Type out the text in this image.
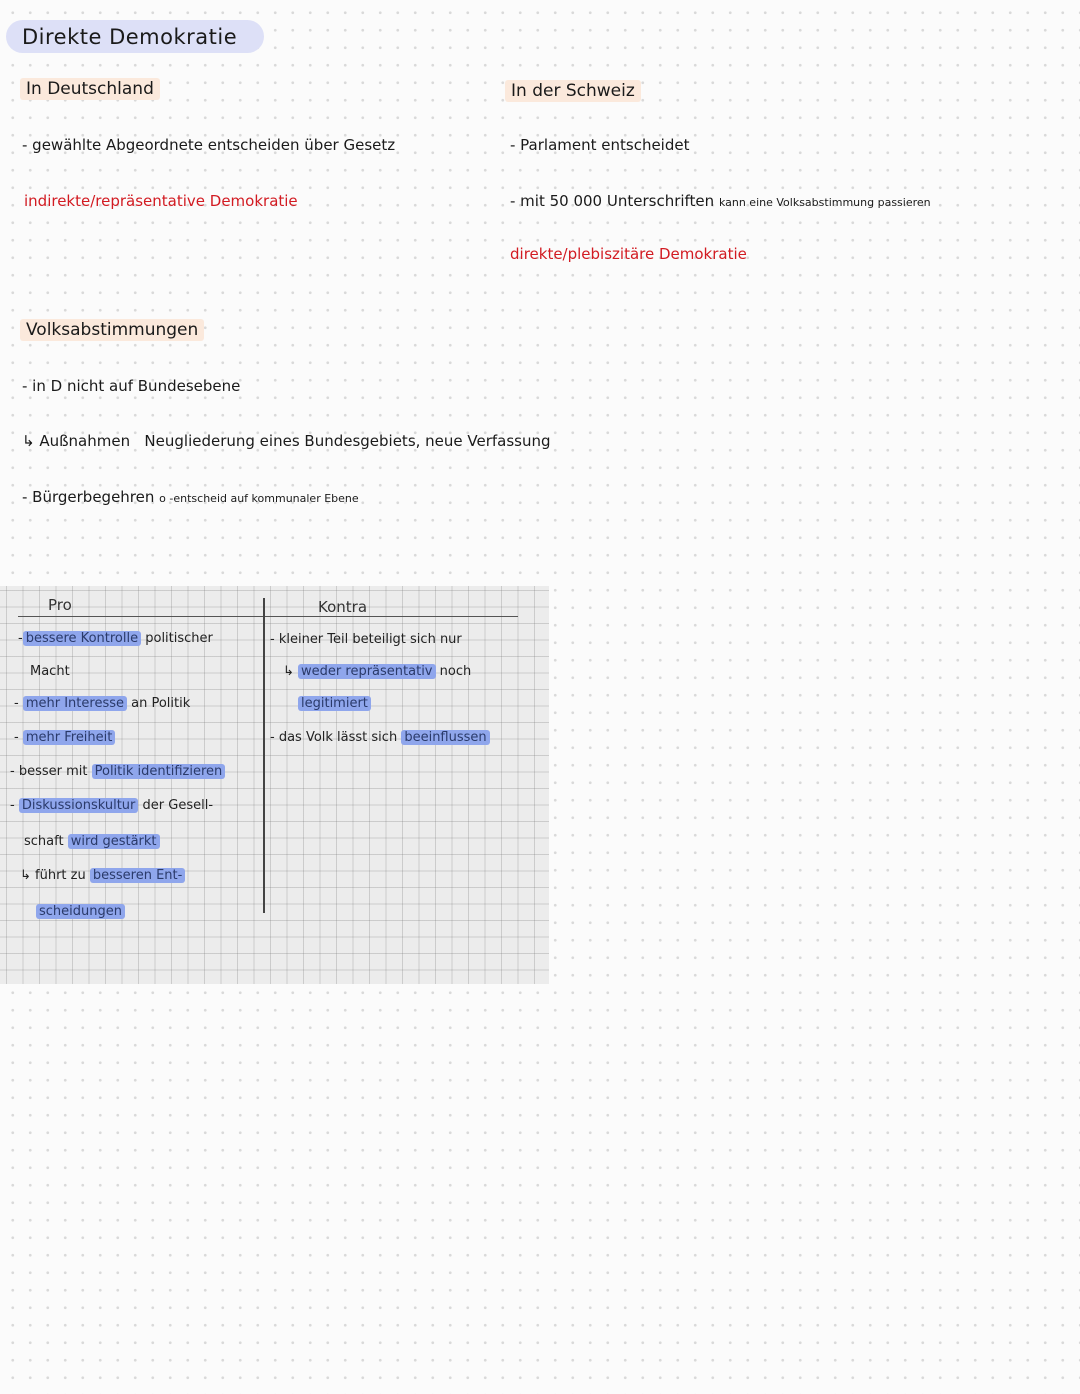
Direkte Demokratie
In Deutschland
- gewählte Abgeordnete entscheiden über Gesetz
indirekte/repräsentative Demokratie
In der Schweiz
- Parlament entscheidet
- mit 50 000 Unterschriften kann eine Volksabstimmung passieren
direkte/plebiszitäre Demokratie
Volksabstimmungen
- in D nicht auf Bundesebene
↳ Außnahmen Neugliederung eines Bundesgebiets, neue Verfassung
- Bürgerbegehren o -entscheid auf kommunaler Ebene
Pro	Kontra
- bessere Kontrolle politischer
Macht
- mehr Interesse an Politik
- mehr Freiheit
- besser mit Politik identifizieren
- Diskussionskultur der Gesell-
schaft wird gestärkt
↳ führt zu besseren Ent-
scheidungen
- kleiner Teil beteiligt sich nur
↳ weder repräsentativ noch
legitimiert
- das Volk lässt sich beeinflussen
